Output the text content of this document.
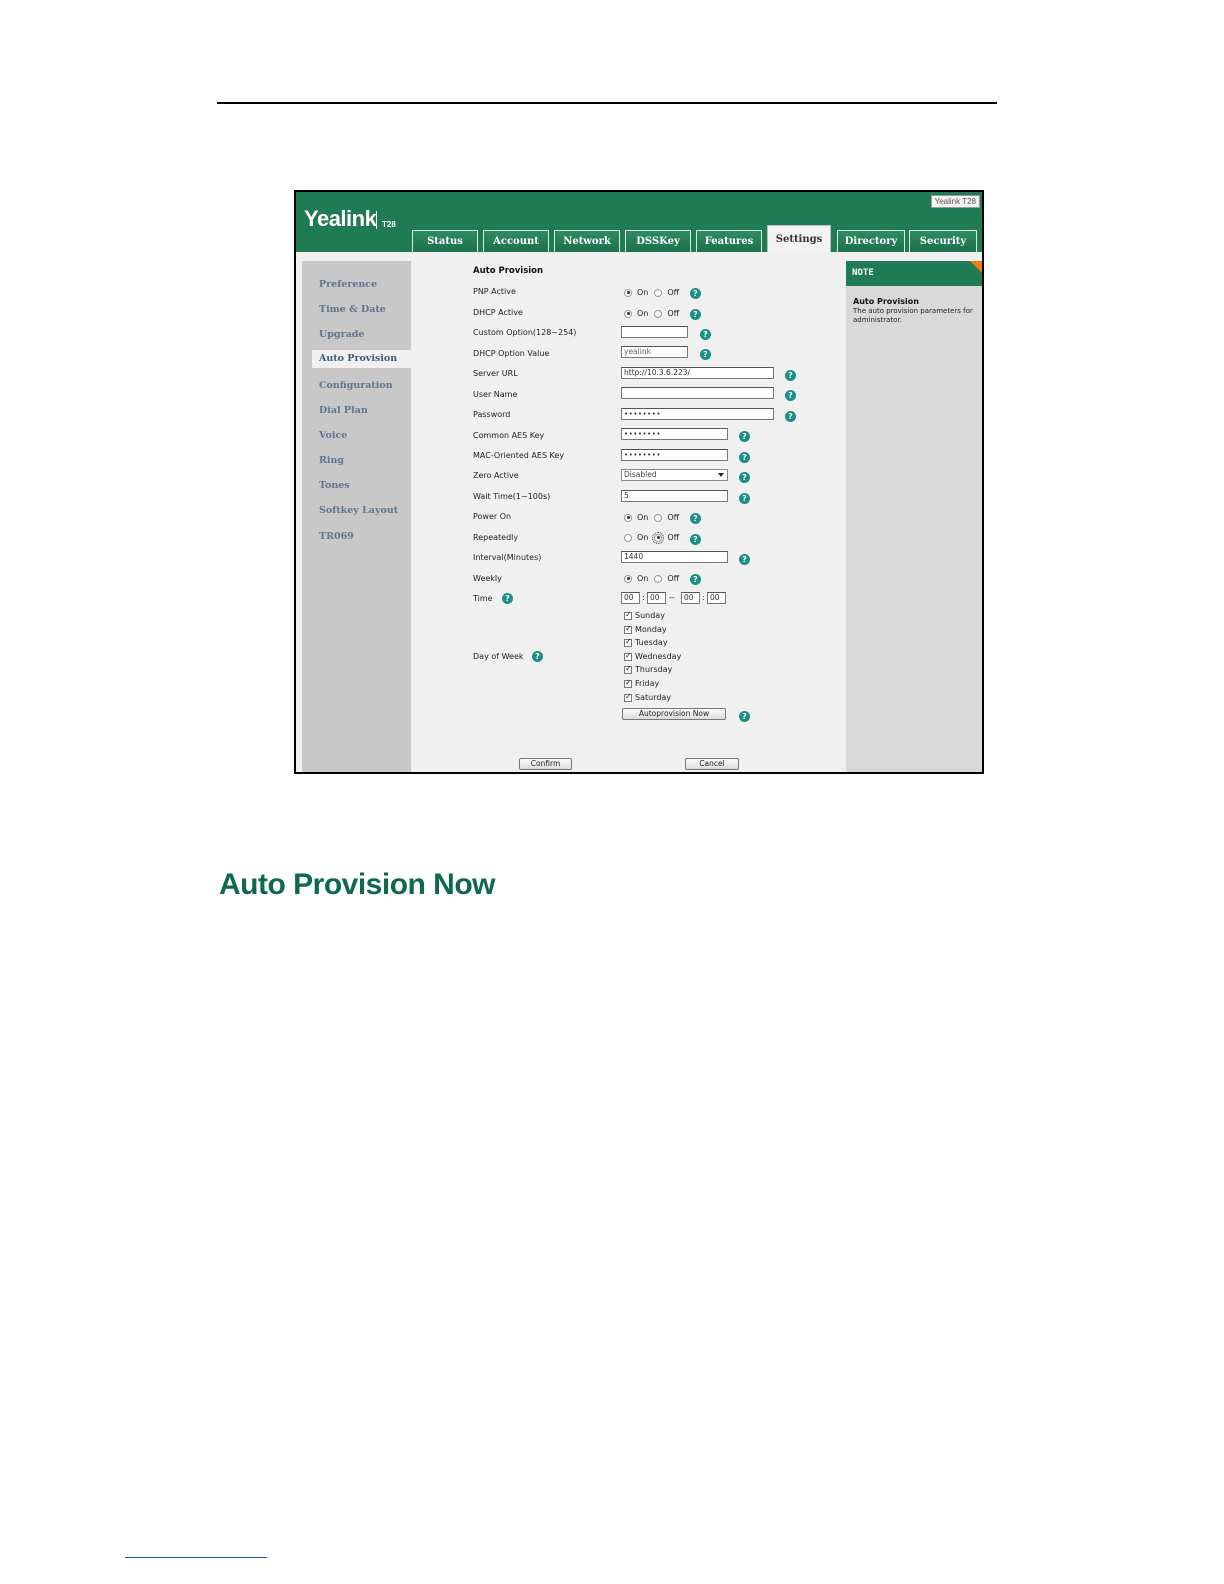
Yealink T28
Yealink T28
Status	Account	Network	DSSKey	Features	Settings	Directory	Security
Preference
Time & Date
Upgrade
Auto Provision
Configuration
Dial Plan
Voice
Ring
Tones
Softkey Layout
TR069
Auto Provision
PNP Active	On Off	?
DHCP Active	On Off	?
Custom Option(128~254)	?
DHCP Option Value	yealink	?
Server URL	http://10.3.6.223/	?
User Name	?
Password	••••••••	?
Common AES Key	••••••••	?
MAC-Oriented AES Key	••••••••	?
Zero Active	Disabled	?
Wait Time(1~100s)	5	?
Power On	On Off	?
Repeatedly	On Off	?
Interval(Minutes)	1440	?
Weekly	On Off	?
Time	?	00	: 00	--	00	: 00
Day of Week	?
✓
Sunday
✓
Monday
✓
Tuesday
✓
Wednesday
✓
Thursday
✓
Friday
✓
Saturday
Autoprovision Now	?
Confirm	Cancel
NOTE
Auto Provision
The auto provision parameters for administrator.
Auto Provision Now
